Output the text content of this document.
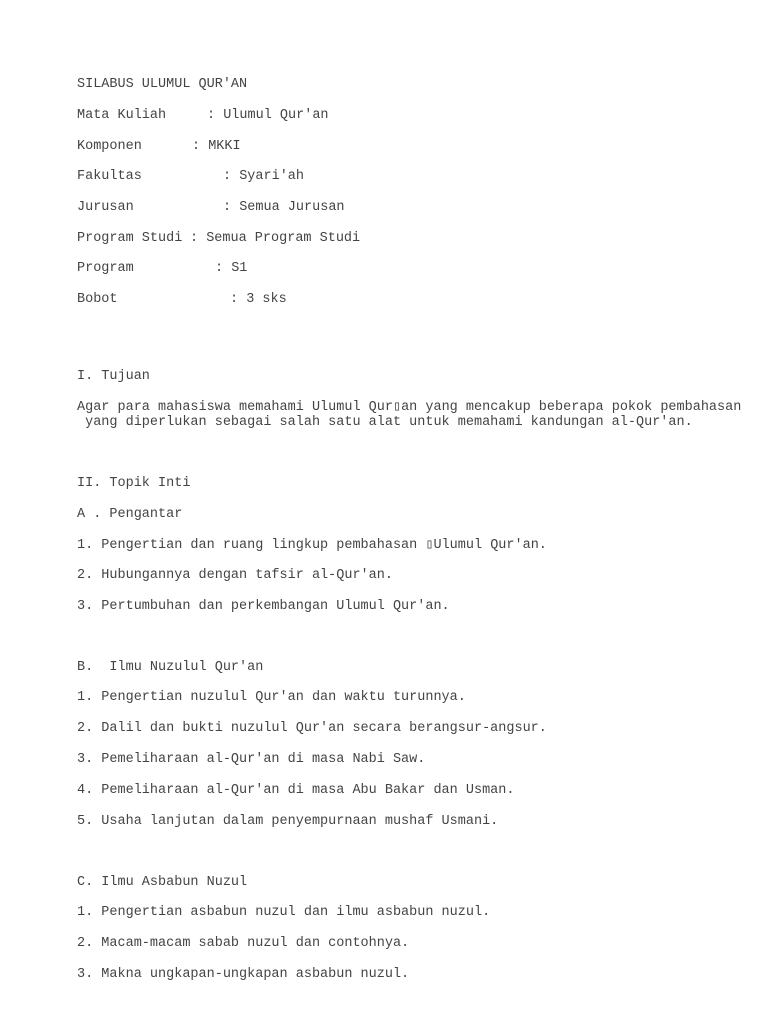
SILABUS ULUMUL QUR'AN
Mata Kuliah	: Ulumul Qur'an
Komponen	: MKKI
Fakultas	: Syari'ah
Jurusan	: Semua Jurusan
Program Studi : Semua Program Studi
Program	: S1
Bobot	: 3 sks
I. Tujuan
Agar para mahasiswa memahami Ulumul Qur▯an yang mencakup beberapa pokok pembahasan
yang diperlukan sebagai salah satu alat untuk memahami kandungan al-Qur'an.
II. Topik Inti
A . Pengantar
1. Pengertian dan ruang lingkup pembahasan ▯Ulumul Qur'an.
2. Hubungannya dengan tafsir al-Qur'an.
3. Pertumbuhan dan perkembangan Ulumul Qur'an.
B.  Ilmu Nuzulul Qur'an
1. Pengertian nuzulul Qur'an dan waktu turunnya.
2. Dalil dan bukti nuzulul Qur'an secara berangsur-angsur.
3. Pemeliharaan al-Qur'an di masa Nabi Saw.
4. Pemeliharaan al-Qur'an di masa Abu Bakar dan Usman.
5. Usaha lanjutan dalam penyempurnaan mushaf Usmani.
C. Ilmu Asbabun Nuzul
1. Pengertian asbabun nuzul dan ilmu asbabun nuzul.
2. Macam-macam sabab nuzul dan contohnya.
3. Makna ungkapan-ungkapan asbabun nuzul.
